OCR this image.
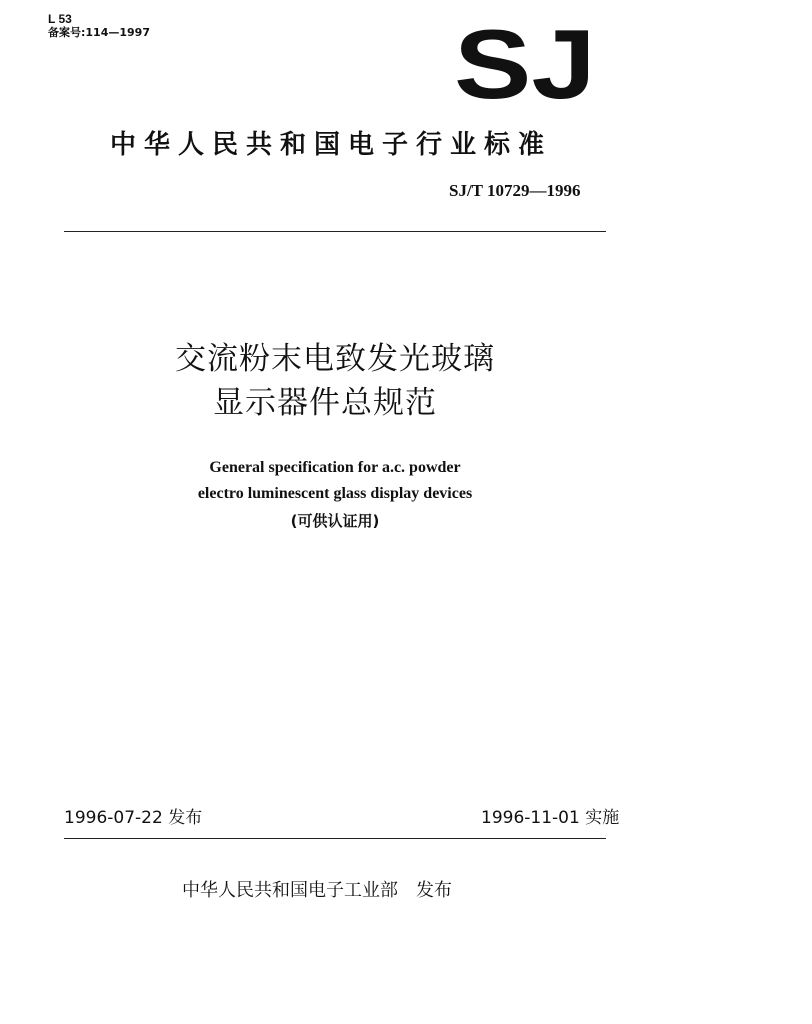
L 53
备案号:114—1997	SJ
中华人民共和国电子行业标准
SJ/T 10729—1996
交流粉末电致发光玻璃
显示器件总规范
General specification for a.c. powder
electro luminescent glass display devices
(可供认证用)
1996-07-22 发布	1996-11-01 实施
中华人民共和国电子工业部 发布
